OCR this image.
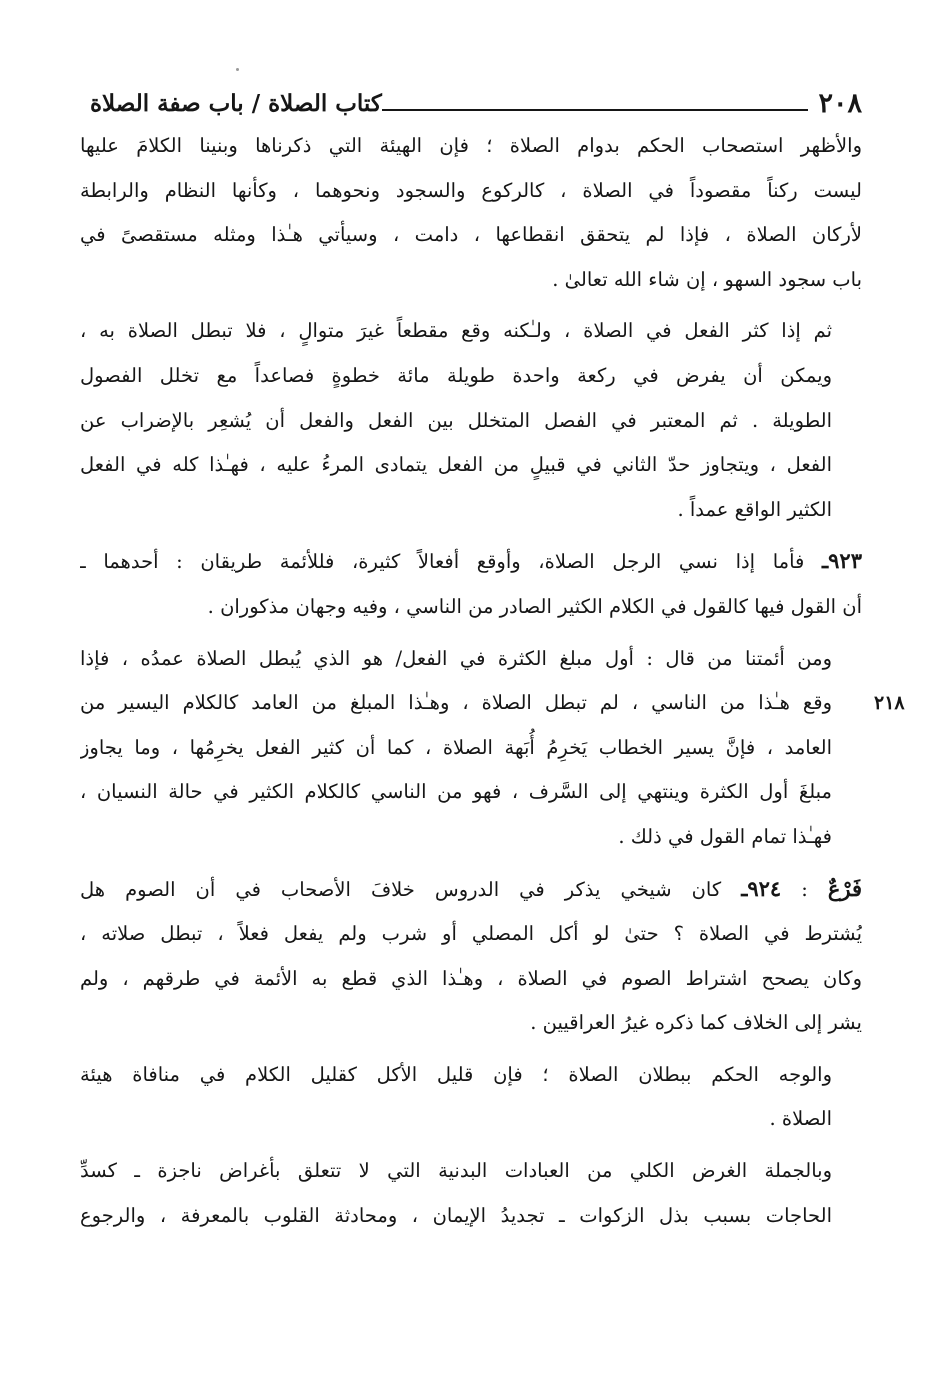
٢٠٨
كتاب الصلاة / باب صفة الصلاة
٢١٨

والأظهر استصحاب الحكم بدوام الصلاة ؛ فإن الهيئة التي ذكرناها وبنينا الكلامَ عليها
ليست ركناً مقصوداً في الصلاة ، كالركوع والسجود ونحوهما ، وكأنها النظام والرابطة
لأركان الصلاة ، فإذا لم يتحقق انقطاعها ، دامت ، وسيأتي هـٰذا ومثله مستقصىً في
باب سجود السهو ، إن شاء الله تعالىٰ .

ثم إذا كثر الفعل في الصلاة ، ولـٰكنه وقع مقطعاً غيرَ متوالٍ ، فلا تبطل الصلاة به ،
ويمكن أن يفرض في ركعة واحدة طويلة مائة خطوةٍ فصاعداً مع تخلل الفصول
الطويلة . ثم المعتبر في الفصل المتخلل بين الفعل والفعل أن يُشعِر بالإضراب عن
الفعل ، ويتجاوز حدّ الثاني في قبيلٍ من الفعل يتمادى المرءُ عليه ، فهـٰذا كله في الفعل
الكثير الواقع عمداً .

٩٢٣ـ فأما إذا نسي الرجل الصلاة، وأوقع أفعالاً كثيرة، فللأئمة طريقان : أحدهما ـ
أن القول فيها كالقول في الكلام الكثير الصادر من الناسي ، وفيه وجهان مذكوران .

ومن أئمتنا من قال : أول مبلغ الكثرة في الفعل/ هو الذي يُبطل الصلاة عمدُه ، فإذا
وقع هـٰذا من الناسي ، لم تبطل الصلاة ، وهـٰذا المبلغ من العامد كالكلام اليسير من
العامد ، فإنَّ يسير الخطاب يَخرِمُ أُبَهة الصلاة ، كما أن كثير الفعل يخرِمُها ، وما يجاوز
مبلغَ أول الكثرة وينتهي إلى السَّرف ، فهو من الناسي كالكلام الكثير في حالة النسيان ،
فهـٰذا تمام القول في ذلك .

فَرْعٌ : ٩٢٤ـ كان شيخي يذكر في الدروس خلافَ الأصحاب في أن الصوم هل
يُشترط في الصلاة ؟ حتىٰ لو أكل المصلي أو شرب ولم يفعل فعلاً ، تبطل صلاته ،
وكان يصحح اشتراط الصوم في الصلاة ، وهـٰذا الذي قطع به الأئمة في طرقهم ، ولم
يشر إلى الخلاف كما ذكره غيرُ العراقيين .

والوجه الحكم ببطلان الصلاة ؛ فإن قليل الأكل كقليل الكلام في منافاة هيئة
الصلاة .

وبالجملة الغرض الكلي من العبادات البدنية التي لا تتعلق بأغراض ناجزة ـ كسدِّ
الحاجات بسبب بذل الزكوات ـ تجديدُ الإيمان ، ومحادثة القلوب بالمعرفة ، والرجوع
